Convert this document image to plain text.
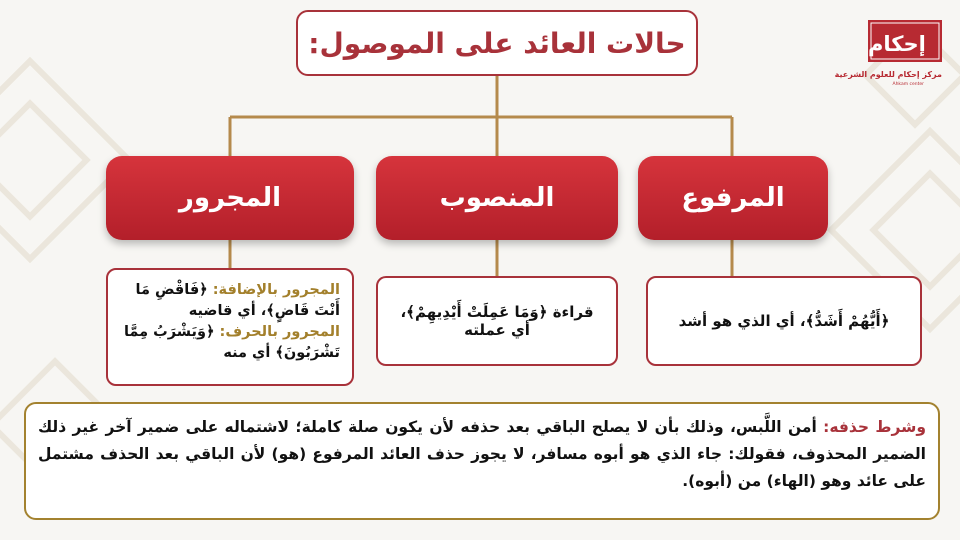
إحكام
مركز إحكام للعلوم الشرعية
Ahkam center
حالات العائد على الموصول:
المرفوع
المنصوب
المجرور
﴿أَيُّهُمْ أَشَدُّ﴾، أي الذي هو أشد
قراءة ﴿وَمَا عَمِلَتْ أَيْدِيهِمْ﴾، أي عملته
المجرور بالإضافة: ﴿فَاقْضِ مَا أَنْتَ قَاضٍ﴾، أي قاضيه
المجرور بالحرف: ﴿وَيَشْرَبُ مِمَّا تَشْرَبُونَ﴾ أي منه
وشرط حذفه: أمن اللَّبس، وذلك بأن لا يصلح الباقي بعد حذفه لأن يكون صلة كاملة؛ لاشتماله على ضمير آخر غير ذلك الضمير المحذوف، فقولك: جاء الذي هو أبوه مسافر، لا يجوز حذف العائد المرفوع (هو) لأن الباقي بعد الحذف مشتمل على عائد وهو (الهاء) من (أبوه).
